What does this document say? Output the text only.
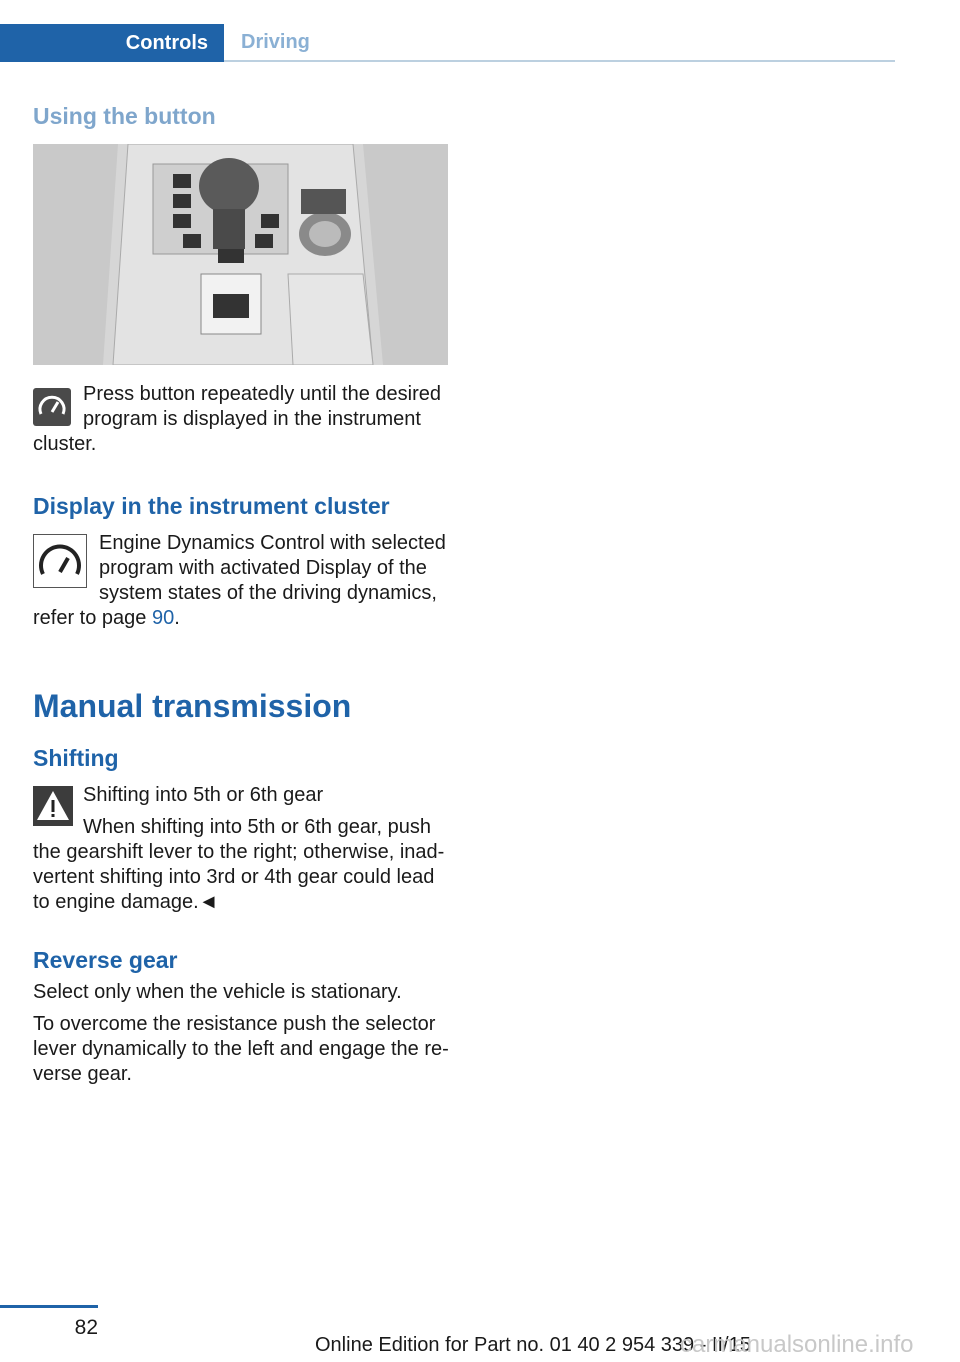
Controls	Driving
Using the button

Press button repeatedly until the desired

program is displayed in the instrument

cluster.

Display in the instrument cluster

Engine Dynamics Control with selected

program with activated Display of the

system states of the driving dynamics,

refer to page 90.

Manual transmission
Shifting

Shifting into 5th or 6th gear

When shifting into 5th or 6th gear, push

the gearshift lever to the right; otherwise, inad-

vertent shifting into 3rd or 4th gear could lead

to engine damage.◄

Reverse gear

Select only when the vehicle is stationary.

To overcome the resistance push the selector

lever dynamically to the left and engage the re-

verse gear.

82
Online Edition for Part no. 01 40 2 954 339 - II/15
carmanualsonline.info
